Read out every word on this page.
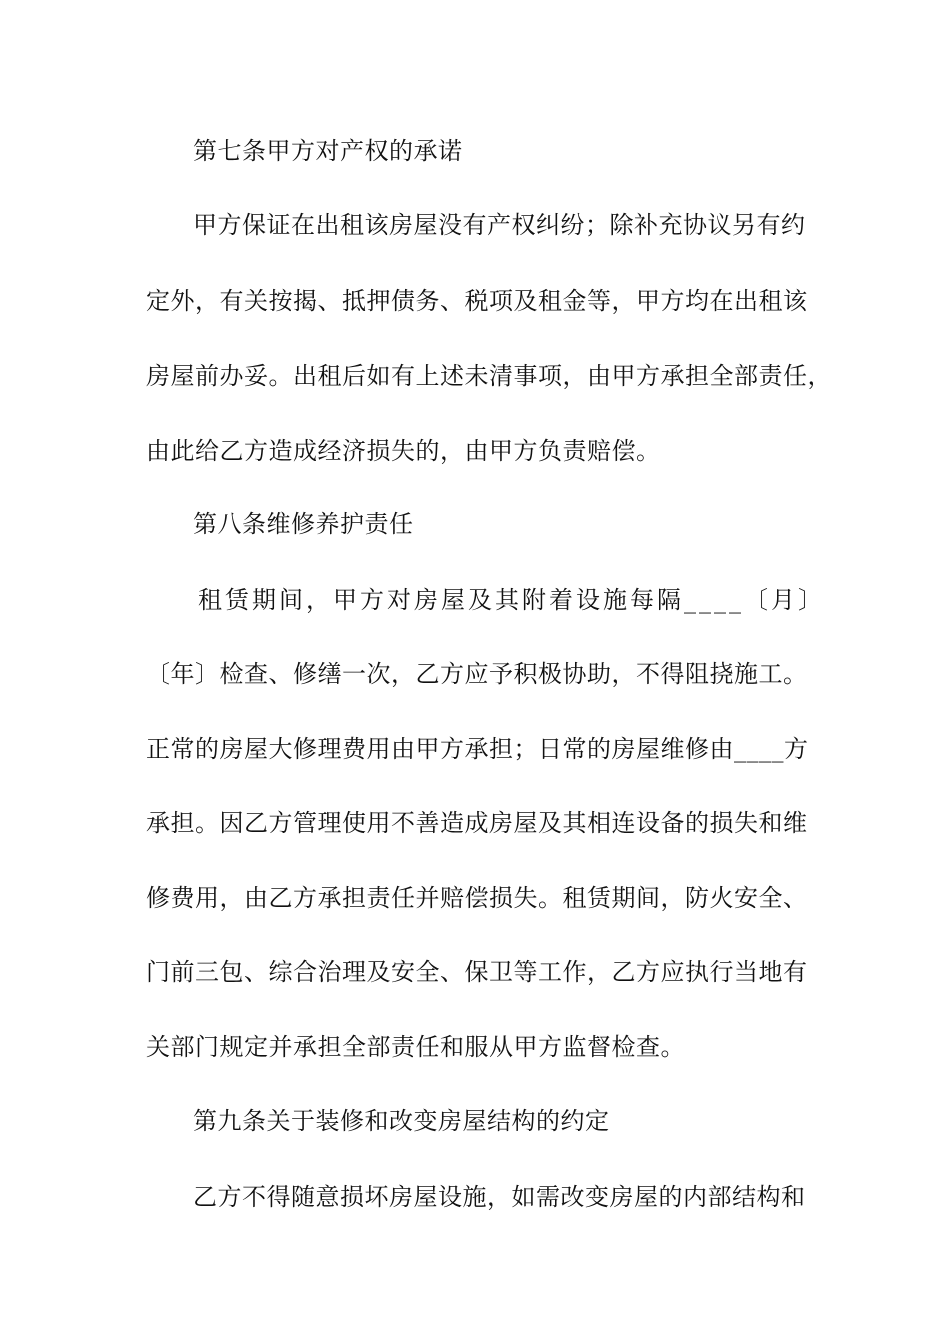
第七条甲方对产权的承诺
甲方保证在出租该房屋没有产权纠纷；除补充协议另有约
定外，有关按揭、抵押债务、税项及租金等，甲方均在出租该
房屋前办妥。出租后如有上述未清事项，由甲方承担全部责任，
由此给乙方造成经济损失的，由甲方负责赔偿。
第八条维修养护责任
租赁期间，甲方对房屋及其附着设施每隔____〔月〕
〔年〕检查、修缮一次，乙方应予积极协助，不得阻挠施工。
正常的房屋大修理费用由甲方承担；日常的房屋维修由____方
承担。因乙方管理使用不善造成房屋及其相连设备的损失和维
修费用，由乙方承担责任并赔偿损失。租赁期间，防火安全、
门前三包、综合治理及安全、保卫等工作，乙方应执行当地有
关部门规定并承担全部责任和服从甲方监督检查。
第九条关于装修和改变房屋结构的约定
乙方不得随意损坏房屋设施，如需改变房屋的内部结构和
